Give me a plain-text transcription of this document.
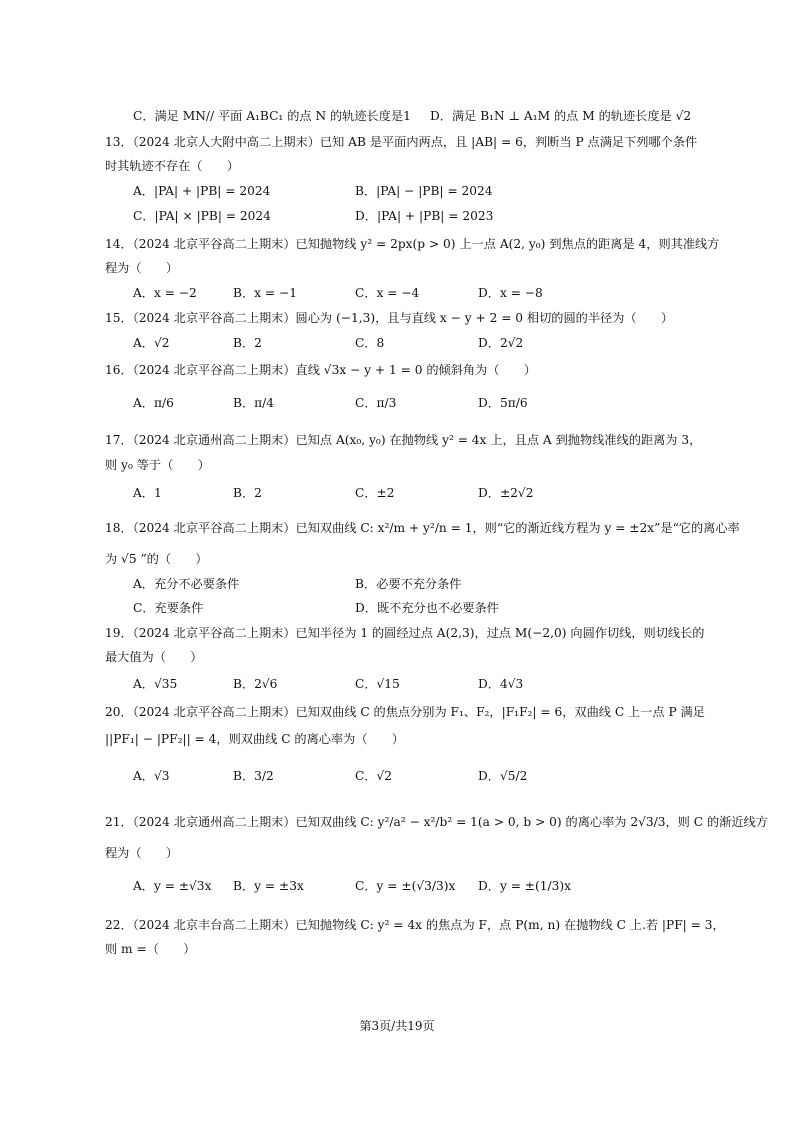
C．满足 MN// 平面 A₁BC₁ 的点 N 的轨迹长度是1 D．满足 B₁N ⊥ A₁M 的点 M 的轨迹长度是 √2
13．（2024 北京人大附中高二上期末）已知 AB 是平面内两点，且 |AB| = 6，判断当 P 点满足下列哪个条件
时其轨迹不存在（　　）
A．|PA| + |PB| = 2024	B．|PA| − |PB| = 2024
C．|PA| × |PB| = 2024	D．|PA| + |PB| = 2023
14．（2024 北京平谷高二上期末）已知抛物线 y² = 2px(p > 0) 上一点 A(2, y₀) 到焦点的距离是 4，则其准线方
程为（　　）
A．x = −2	B．x = −1	C．x = −4	D．x = −8
15．（2024 北京平谷高二上期末）圆心为 (−1,3)，且与直线 x − y + 2 = 0 相切的圆的半径为（　　）
A．√2	B．2	C．8	D．2√2
16．（2024 北京平谷高二上期末）直线 √3x − y + 1 = 0 的倾斜角为（　　）
A．π/6	B．π/4	C．π/3	D．5π/6
17．（2024 北京通州高二上期末）已知点 A(x₀, y₀) 在抛物线 y² = 4x 上，且点 A 到抛物线准线的距离为 3，
则 y₀ 等于（　　）
A．1	B．2	C．±2	D．±2√2
18．（2024 北京平谷高二上期末）已知双曲线 C: x²/m + y²/n = 1，则“它的渐近线方程为 y = ±2x”是“它的离心率
为 √5 ”的（　　）
A．充分不必要条件	B．必要不充分条件
C．充要条件	D．既不充分也不必要条件
19．（2024 北京平谷高二上期末）已知半径为 1 的圆经过点 A(2,3)，过点 M(−2,0) 向圆作切线，则切线长的
最大值为（　　）
A．√35	B．2√6	C．√15	D．4√3
20．（2024 北京平谷高二上期末）已知双曲线 C 的焦点分别为 F₁、F₂，|F₁F₂| = 6，双曲线 C 上一点 P 满足
||PF₁| − |PF₂|| = 4，则双曲线 C 的离心率为（　　）
A．√3	B．3/2	C．√2	D．√5/2
21．（2024 北京通州高二上期末）已知双曲线 C: y²/a² − x²/b² = 1(a > 0, b > 0) 的离心率为 2√3/3，则 C 的渐近线方
程为（　　）
A．y = ±√3x B．y = ±3x	C．y = ±(√3/3)x D．y = ±(1/3)x
22．（2024 北京丰台高二上期末）已知抛物线 C: y² = 4x 的焦点为 F，点 P(m, n) 在抛物线 C 上.若 |PF| = 3，
则 m =（　　）
第3页/共19页
